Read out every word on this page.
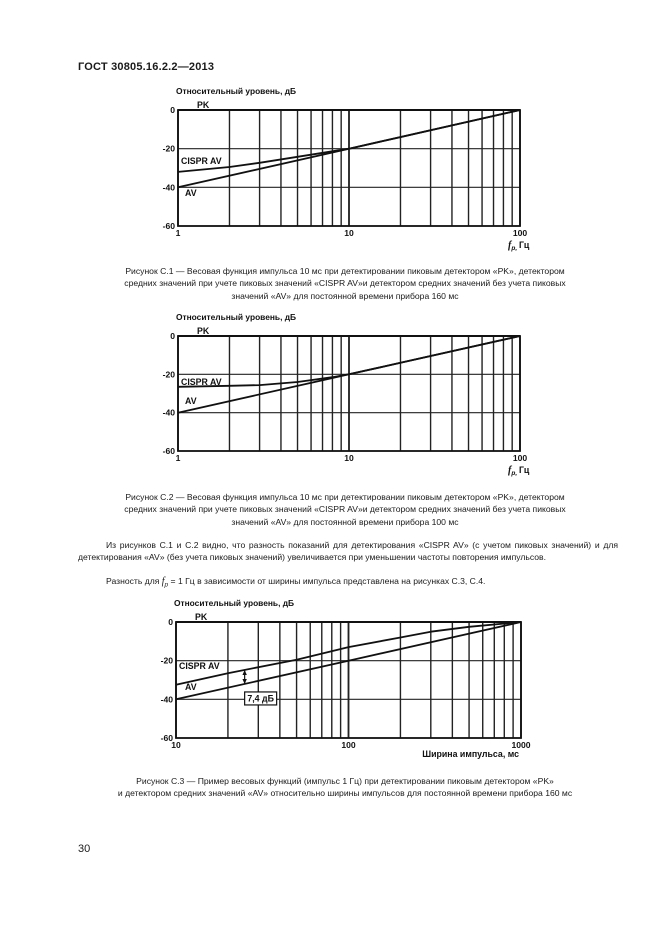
ГОСТ 30805.16.2.2—2013
0
-20
-40
-60
1	10	100
Относительный уровень, дБ
$f_{p,}$ Гц
PK
CISPR AV
AV
0
-20
-40
-60
1	10	100
Относительный уровень, дБ
$f_{p,}$ Гц
PK
CISPR AV
AV
0
-20
-40
-60
10	100	1000
Относительный уровень, дБ
Ширина импульса, мс
PK
CISPR AV
AV
7,4 дБ
Рисунок С.1 — Весовая функция импульса 10 мс при детектировании пиковым детектором «PK», детектором
средних значений при учете пиковых значений «CISPR AV»и детектором средних значений без учета пиковых
значений «AV» для постоянной времени прибора 160 мс
Рисунок С.2 — Весовая функция импульса 10 мс при детектировании пиковым детектором «PK», детектором
средних значений при учете пиковых значений «CISPR AV»и детектором средних значений без учета пиковых
значений «AV» для постоянной времени прибора 100 мс
Из рисунков С.1 и С.2 видно, что разность показаний для детектирования «CISPR AV» (с учетом пиковых значений) и для детектирования «AV» (без учета пиковых значений) увеличивается при уменьшении частоты повторения импульсов.
Разность для $f_p = 1$ Гц в зависимости от ширины импульса представлена на рисунках С.3, С.4.
Рисунок С.3 — Пример весовых функций (импульс 1 Гц) при детектировании пиковым детектором «PK»
и детектором средних значений «AV» относительно ширины импульсов для постоянной времени прибора 160 мс
30
